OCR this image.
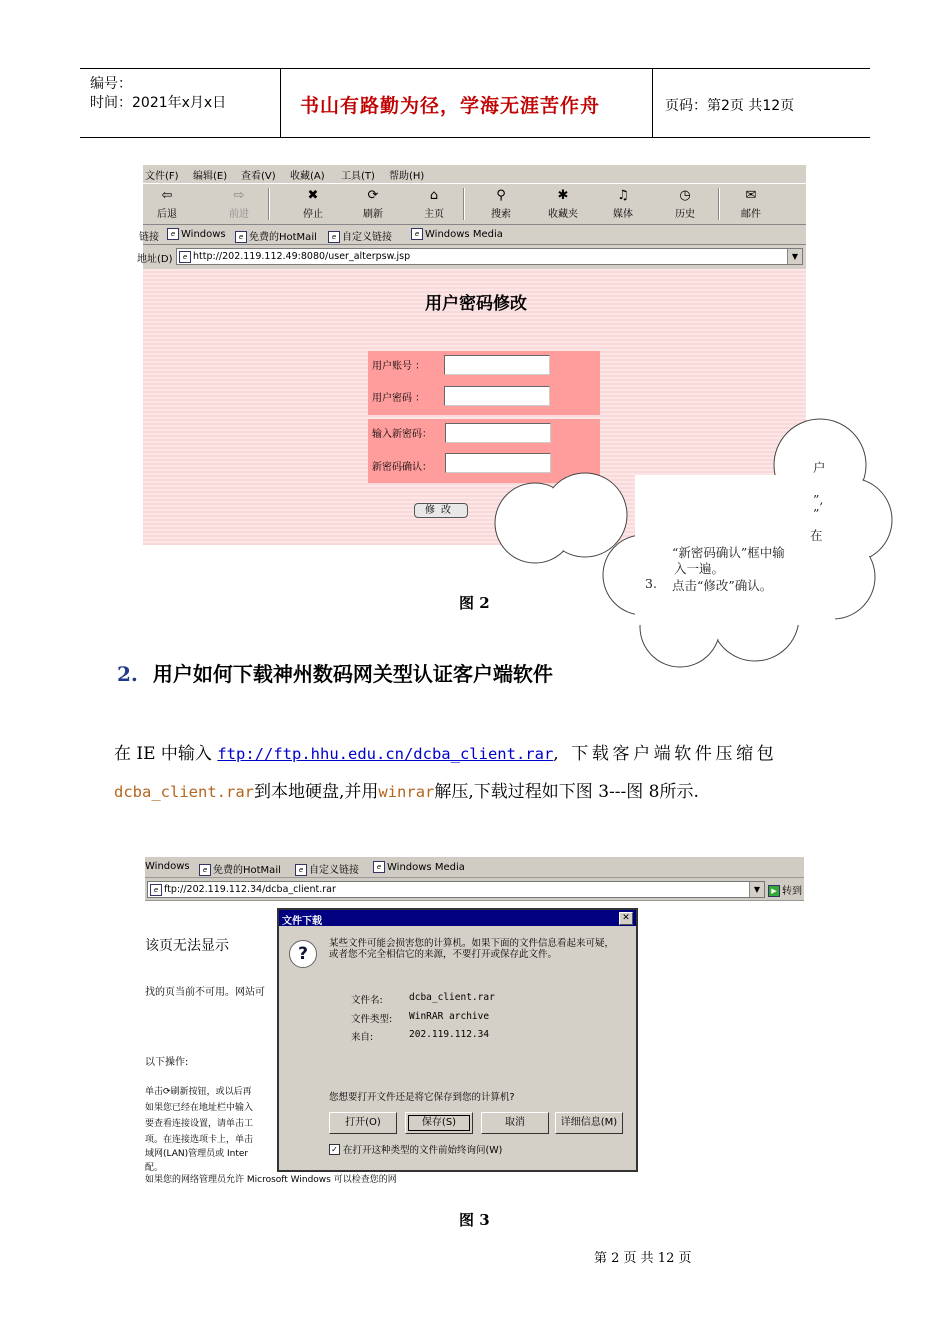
编号：
时间：2021年x月x日	书山有路勤为径，学海无涯苦作舟	页码：第2页 共12页
文件(F) 编辑(E) 查看(V) 收藏(A) 工具(T) 帮助(H)
⇦
后退
⇨
前进
✖
停止
⟳
刷新
⌂
主页
⚲
搜索
✱
收藏夹
♫
媒体
◷
历史
✉
邮件
链接	e Windows	e 免费的HotMail	e 自定义链接	e Windows Media
地址(D)	e http://202.119.112.49:8080/user_alterpsw.jsp	▼
用户密码修改
用户账号 ：
用户密码 ：
输入新密码：
新密码确认：
修改
户
”,
”
在
“新密码确认”框中输
入一遍。
3. 点击“修改”确认。
图 2
2. 用户如何下载神州数码网关型认证客户端软件
在 IE 中输入 ftp://ftp.hhu.edu.cn/dcba_client.rar, 下载客户端软件压缩包
dcba_client.rar到本地硬盘,并用winrar解压,下载过程如下图 3---图 8所示.
Windows	e 免费的HotMail	e 自定义链接	e Windows Media
e ftp://202.119.112.34/dcba_client.rar	▼	▶ 转到
该页无法显示
找的页当前不可用。网站可
以下操作:
单击⟳刷新按钮，或以后再
如果您已经在地址栏中输入
要查看连接设置，请单击工
项。在连接选项卡上，单击
域网(LAN)管理员或 Inter
配。
如果您的网络管理员允许 Microsoft Windows 可以检查您的网
文件下载	✕
?
某些文件可能会损害您的计算机。如果下面的文件信息看起来可疑，或者您不完全相信它的来源，不要打开或保存此文件。
文件名:	dcba_client.rar
文件类型: WinRAR archive
来自:	202.119.112.34
您想要打开文件还是将它保存到您的计算机?
打开(O)	保存(S)	取消	详细信息(M)
✓ 在打开这种类型的文件前始终询问(W)
图 3
第 2 页 共 12 页
